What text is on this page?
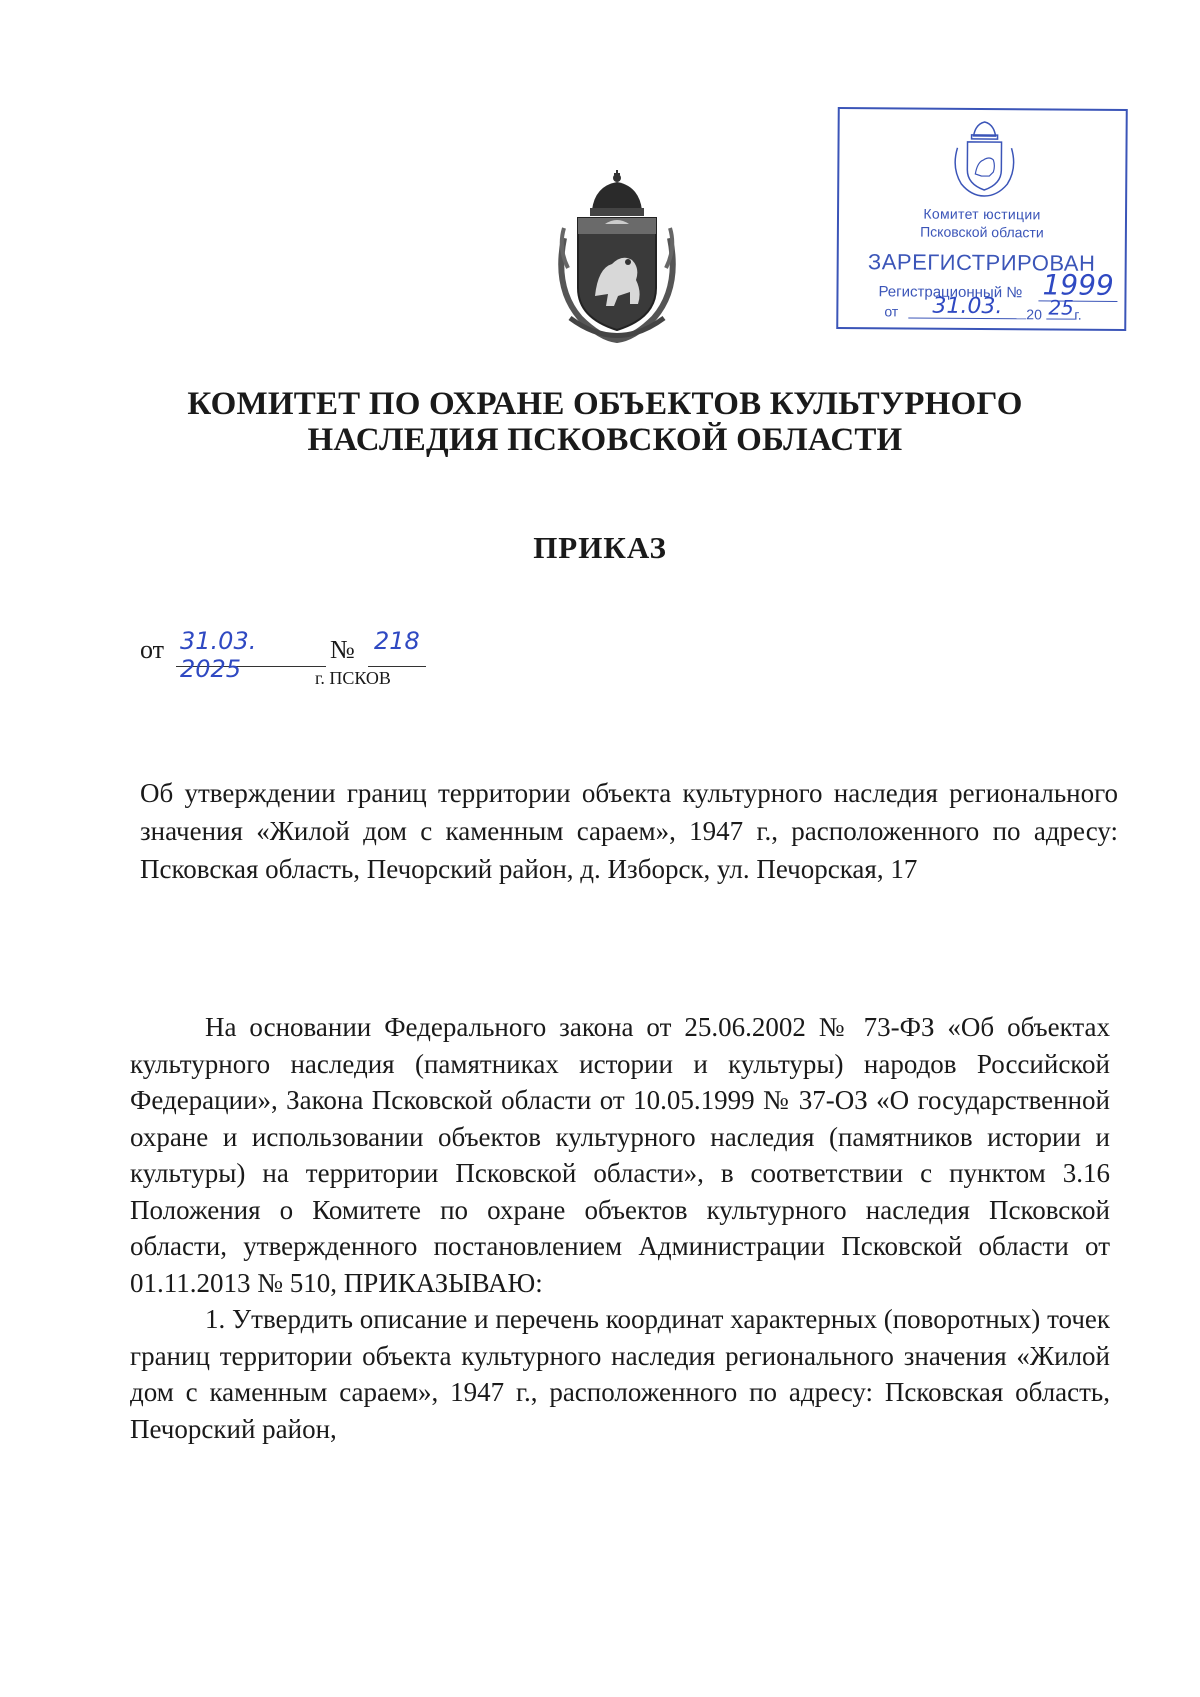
Комитет юстиции
Псковской области
ЗАРЕГИСТРИРОВАН
Регистрационный № 1999
от	31.03.	20 25 г.
КОМИТЕТ ПО ОХРАНЕ ОБЪЕКТОВ КУЛЬТУРНОГО
НАСЛЕДИЯ ПСКОВСКОЙ ОБЛАСТИ
ПРИКАЗ
от 31.03. 2025
№ 218
г. ПСКОВ
Об утверждении границ территории объекта культурного наследия регионального значения «Жилой дом с каменным сараем», 1947 г., расположенного по адресу: Псковская область, Печорский район, д. Изборск, ул. Печорская, 17

На основании Федерального закона от 25.06.2002 № 73-ФЗ «Об объектах культурного наследия (памятниках истории и культуры) народов Российской Федерации», Закона Псковской области от 10.05.1999 № 37-ОЗ «О государственной охране и использовании объектов культурного наследия (памятников истории и культуры) на территории Псковской области», в соответствии с пунктом 3.16 Положения о Комитете по охране объектов культурного наследия Псковской области, утвержденного постановлением Администрации Псковской области от 01.11.2013 № 510, ПРИКАЗЫВАЮ:

1. Утвердить описание и перечень координат характерных (поворотных) точек границ территории объекта культурного наследия регионального значения «Жилой дом с каменным сараем», 1947 г., расположенного по адресу: Псковская область, Печорский район,
